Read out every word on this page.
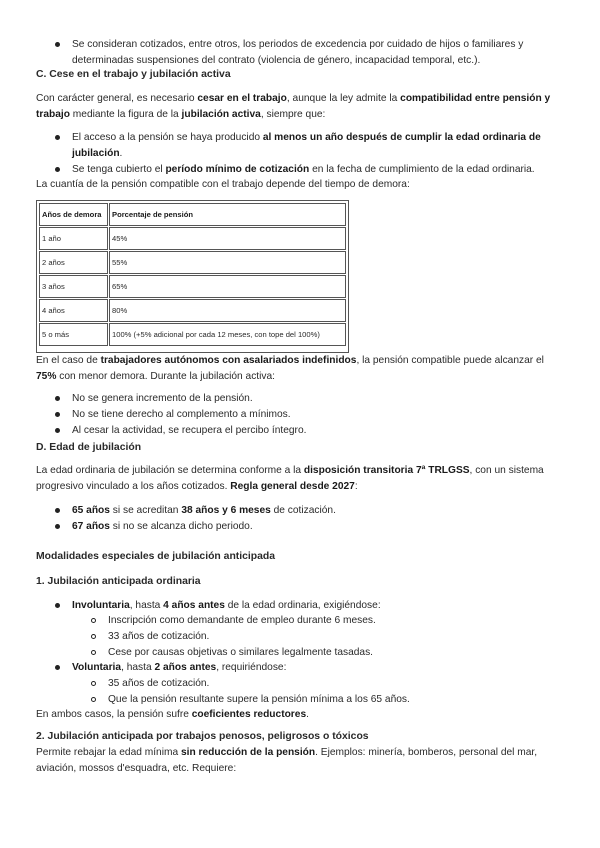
Se consideran cotizados, entre otros, los periodos de excedencia por cuidado de hijos o familiares y determinadas suspensiones del contrato (violencia de género, incapacidad temporal, etc.).

C. Cese en el trabajo y jubilación activa

Con carácter general, es necesario cesar en el trabajo, aunque la ley admite la compatibilidad entre pensión y trabajo mediante la figura de la jubilación activa, siempre que:

El acceso a la pensión se haya producido al menos un año después de cumplir la edad ordinaria de jubilación.

Se tenga cubierto el período mínimo de cotización en la fecha de cumplimiento de la edad ordinaria.

La cuantía de la pensión compatible con el trabajo depende del tiempo de demora:

Años de demora	Porcentaje de pensión
1 año	45%
2 años	55%
3 años	65%
4 años	80%
5 o más	100% (+5% adicional por cada 12 meses, con tope del 100%)

En el caso de trabajadores autónomos con asalariados indefinidos, la pensión compatible puede alcanzar el 75% con menor demora. Durante la jubilación activa:

No se genera incremento de la pensión.

No se tiene derecho al complemento a mínimos.

Al cesar la actividad, se recupera el percibo íntegro.

D. Edad de jubilación

La edad ordinaria de jubilación se determina conforme a la disposición transitoria 7ª TRLGSS, con un sistema progresivo vinculado a los años cotizados. Regla general desde 2027:

65 años si se acreditan 38 años y 6 meses de cotización.

67 años si no se alcanza dicho periodo.

Modalidades especiales de jubilación anticipada

1. Jubilación anticipada ordinaria

Involuntaria, hasta 4 años antes de la edad ordinaria, exigiéndose:

Inscripción como demandante de empleo durante 6 meses.

33 años de cotización.

Cese por causas objetivas o similares legalmente tasadas.

Voluntaria, hasta 2 años antes, requiriéndose:

35 años de cotización.

Que la pensión resultante supere la pensión mínima a los 65 años.

En ambos casos, la pensión sufre coeficientes reductores.

2. Jubilación anticipada por trabajos penosos, peligrosos o tóxicos

Permite rebajar la edad mínima sin reducción de la pensión. Ejemplos: minería, bomberos, personal del mar, aviación, mossos d'esquadra, etc. Requiere:
